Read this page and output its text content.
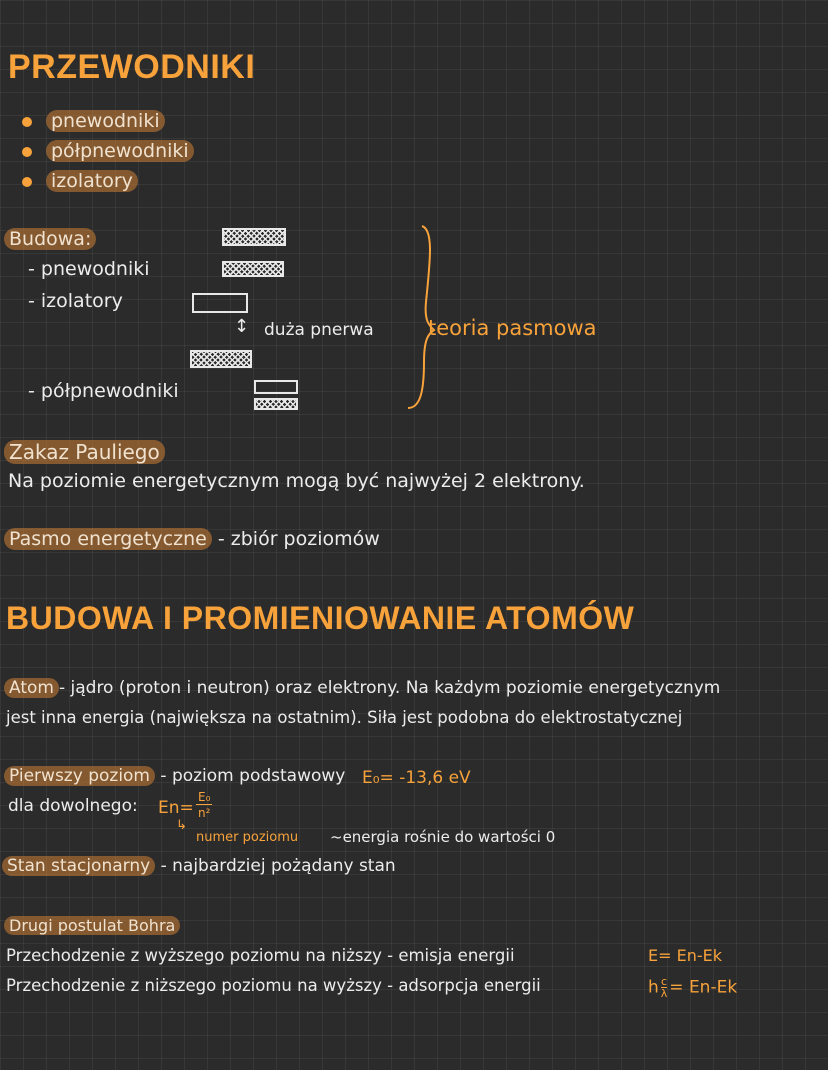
PRZEWODNIKI
pnewodniki
półpnewodniki
izolatory
Budowa:
- pnewodniki
- izolatory
- półpnewodniki
↕ duża pnerwa	teoria pasmowa
Zakaz Pauliego
Na poziomie energetycznym mogą być najwyżej 2 elektrony.
Pasmo energetyczne - zbiór poziomów
BUDOWA I PROMIENIOWANIE ATOMÓW
Atom - jądro (proton i neutron) oraz elektrony. Na każdym poziomie energetycznym
jest inna energia (największa na ostatnim). Siła jest podobna do elektrostatycznej
Pierwszy poziom - poziom podstawowy E₀= -13,6 eV
dla dowolnego: En=
E₀
n²
↳
numer poziomu ~energia rośnie do wartości 0
Stan stacjonarny - najbardziej pożądany stan
Drugi postulat Bohra
Przechodzenie z wyższego poziomu na niższy - emisja energii	E= En-Ek
Przechodzenie z niższego poziomu na wyższy - adsorpcja energii	h $\frac{c}{\lambda} = En-Ek$
